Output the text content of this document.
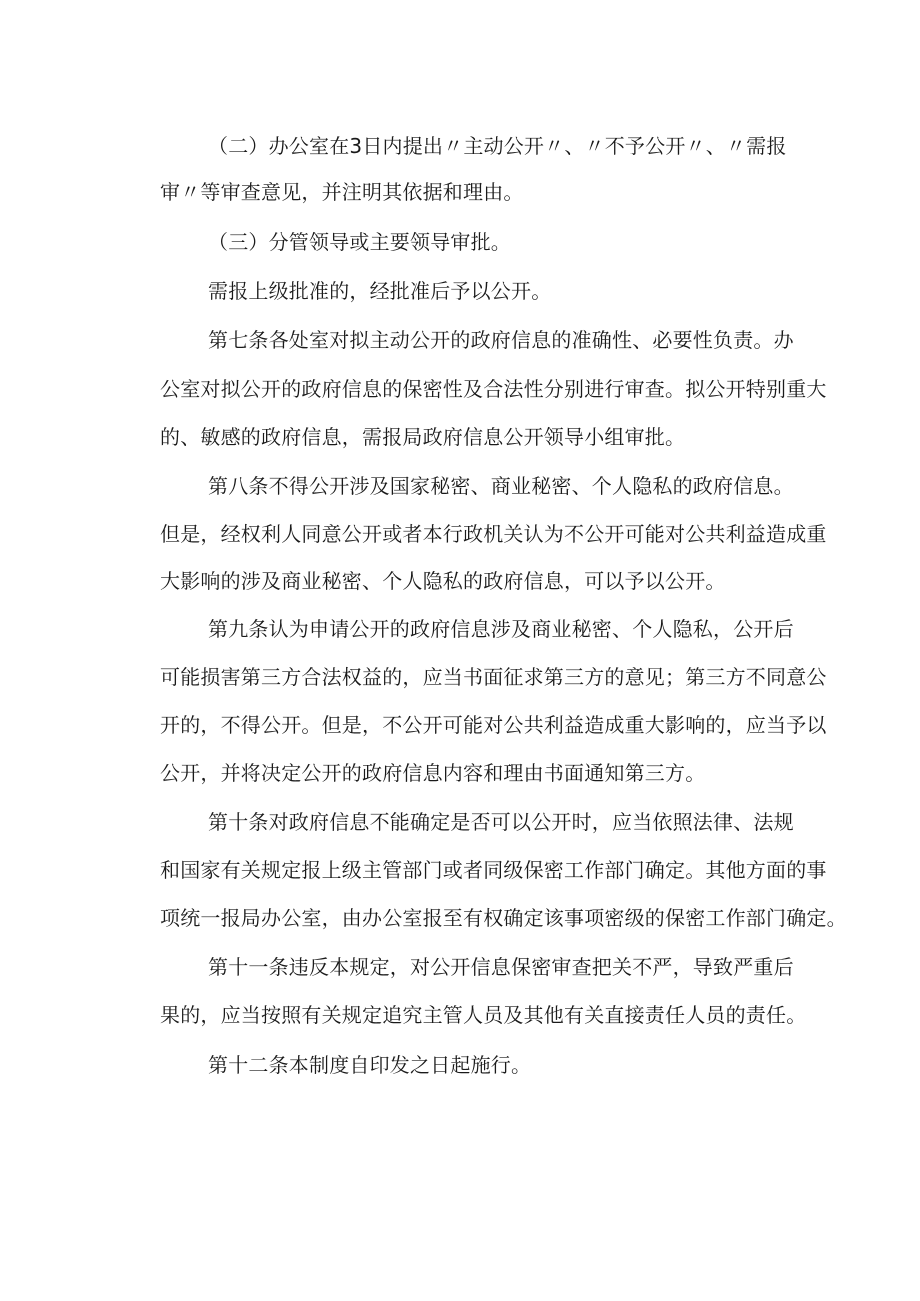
（二）办公室在3日内提出〃主动公开〃、〃不予公开〃、〃需报

审〃等审查意见，并注明其依据和理由。

（三）分管领导或主要领导审批。

需报上级批准的，经批准后予以公开。

第七条各处室对拟主动公开的政府信息的准确性、必要性负责。办

公室对拟公开的政府信息的保密性及合法性分别进行审查。拟公开特别重大

的、敏感的政府信息，需报局政府信息公开领导小组审批。

第八条不得公开涉及国家秘密、商业秘密、个人隐私的政府信息。

但是，经权利人同意公开或者本行政机关认为不公开可能对公共利益造成重

大影响的涉及商业秘密、个人隐私的政府信息，可以予以公开。

第九条认为申请公开的政府信息涉及商业秘密、个人隐私，公开后

可能损害第三方合法权益的，应当书面征求第三方的意见；第三方不同意公

开的，不得公开。但是，不公开可能对公共利益造成重大影响的，应当予以

公开，并将决定公开的政府信息内容和理由书面通知第三方。

第十条对政府信息不能确定是否可以公开时，应当依照法律、法规

和国家有关规定报上级主管部门或者同级保密工作部门确定。其他方面的事

项统一报局办公室，由办公室报至有权确定该事项密级的保密工作部门确定。

第十一条违反本规定，对公开信息保密审查把关不严，导致严重后

果的，应当按照有关规定追究主管人员及其他有关直接责任人员的责任。

第十二条本制度自印发之日起施行。
